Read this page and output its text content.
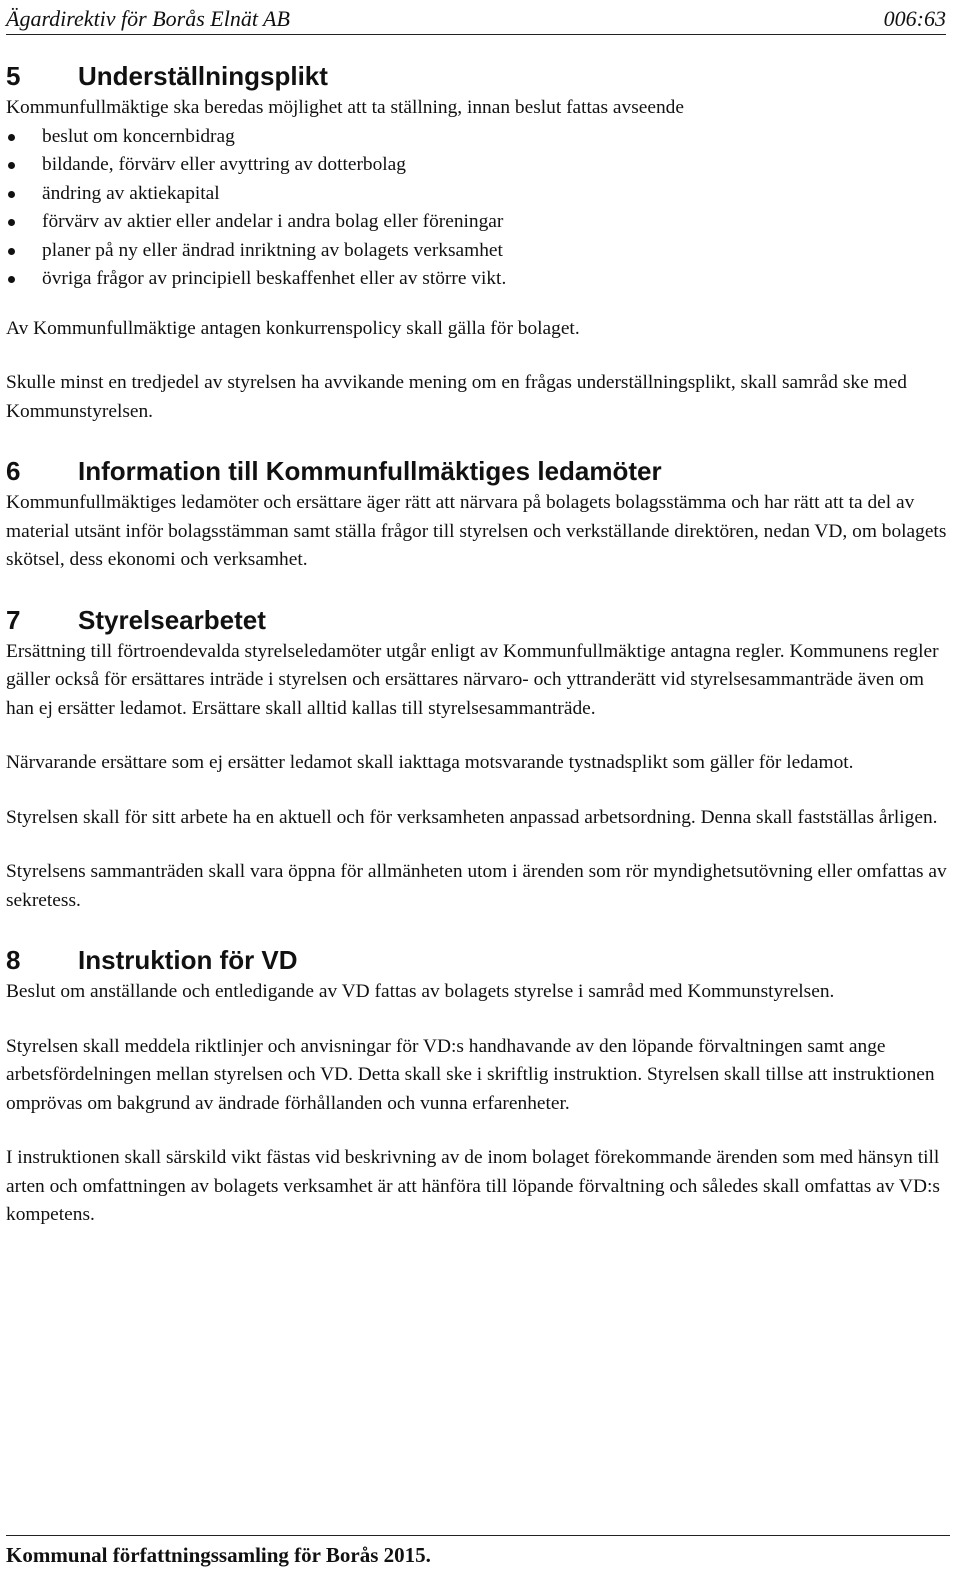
Ägardirektiv för Borås Elnät AB	006:63
5	Underställningsplikt

Kommunfullmäktige ska beredas möjlighet att ta ställning, innan beslut fattas avseende

beslut om koncernbidrag
bildande, förvärv eller avyttring av dotterbolag
ändring av aktiekapital
förvärv av aktier eller andelar i andra bolag eller föreningar
planer på ny eller ändrad inriktning av bolagets verksamhet
övriga frågor av principiell beskaffenhet eller av större vikt.

Av Kommunfullmäktige antagen konkurrenspolicy skall gälla för bolaget.

Skulle minst en tredjedel av styrelsen ha avvikande mening om en frågas underställningsplikt, skall samråd ske med Kommunstyrelsen.

6	Information till Kommunfullmäktiges ledamöter

Kommunfullmäktiges ledamöter och ersättare äger rätt att närvara på bolagets bolagsstämma och har rätt att ta del av material utsänt inför bolagsstämman samt ställa frågor till styrelsen och verkställande direktören, nedan VD, om bolagets skötsel, dess ekonomi och verksamhet.

7	Styrelsearbetet

Ersättning till förtroendevalda styrelseledamöter utgår enligt av Kommunfullmäktige antagna regler. Kommunens regler gäller också för ersättares inträde i styrelsen och ersättares närvaro- och yttranderätt vid styrelsesammanträde även om han ej ersätter ledamot. Ersättare skall alltid kallas till styrelsesammanträde.

Närvarande ersättare som ej ersätter ledamot skall iakttaga motsvarande tystnadsplikt som gäller för ledamot.

Styrelsen skall för sitt arbete ha en aktuell och för verksamheten anpassad arbetsordning. Denna skall fastställas årligen.

Styrelsens sammanträden skall vara öppna för allmänheten utom i ärenden som rör myndighetsutövning eller omfattas av sekretess.

8	Instruktion för VD

Beslut om anställande och entledigande av VD fattas av bolagets styrelse i samråd med Kommunstyrelsen.

Styrelsen skall meddela riktlinjer och anvisningar för VD:s handhavande av den löpande förvaltningen samt ange arbetsfördelningen mellan styrelsen och VD. Detta skall ske i skriftlig instruktion. Styrelsen skall tillse att instruktionen omprövas om bakgrund av ändrade förhållanden och vunna erfarenheter.

I instruktionen skall särskild vikt fästas vid beskrivning av de inom bolaget förekommande ärenden som med hänsyn till arten och omfattningen av bolagets verksamhet är att hänföra till löpande förvaltning och således skall omfattas av VD:s kompetens.

Kommunal författningssamling för Borås 2015.
